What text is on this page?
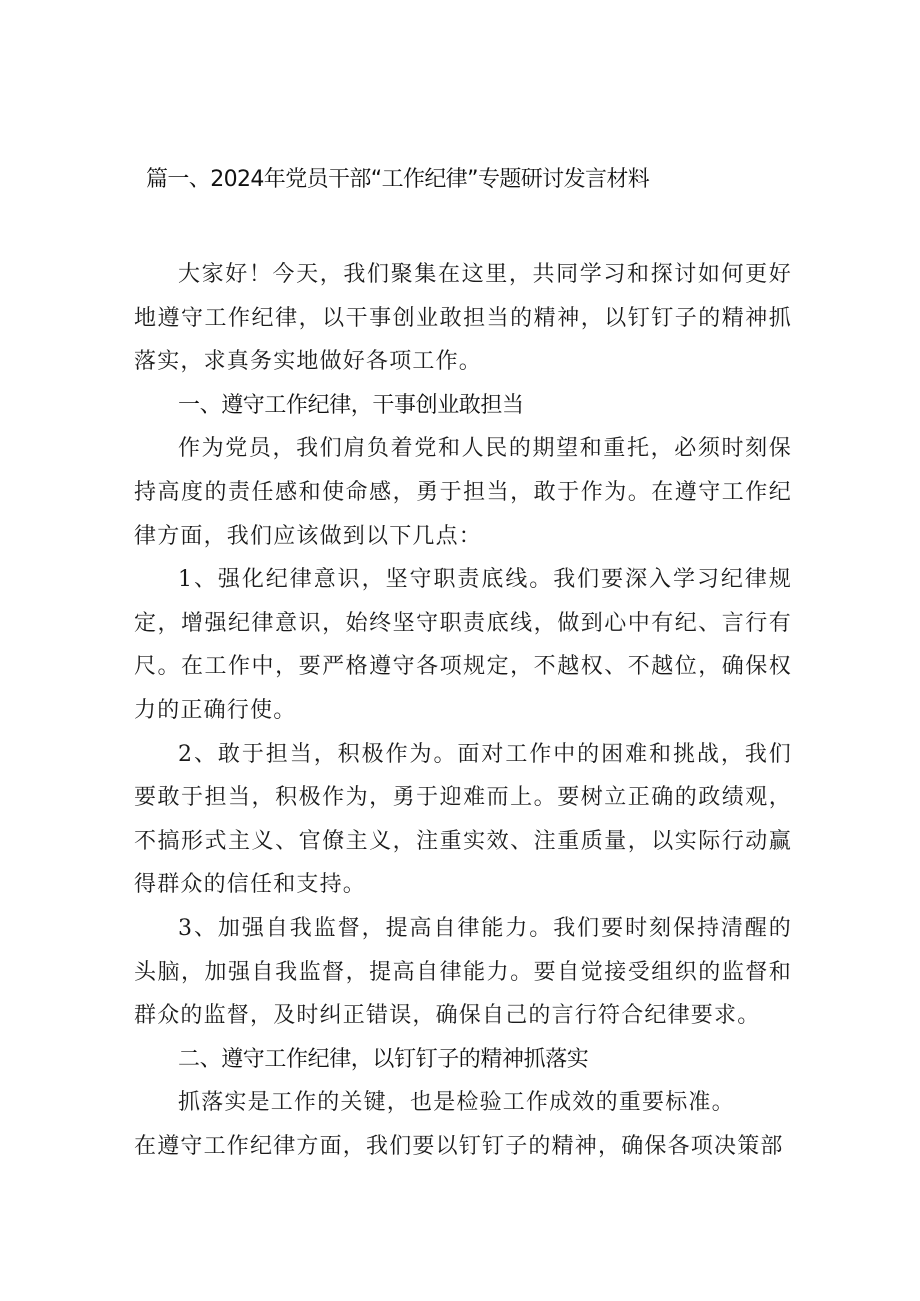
篇一、2024年党员干部“工作纪律”专题研讨发言材料

大家好！今天，我们聚集在这里，共同学习和探讨如何更好地遵守工作纪律，以干事创业敢担当的精神，以钉钉子的精神抓落实，求真务实地做好各项工作。

一、遵守工作纪律，干事创业敢担当

作为党员，我们肩负着党和人民的期望和重托，必须时刻保持高度的责任感和使命感，勇于担当，敢于作为。在遵守工作纪律方面，我们应该做到以下几点：

1、强化纪律意识，坚守职责底线。我们要深入学习纪律规定，增强纪律意识，始终坚守职责底线，做到心中有纪、言行有尺。在工作中，要严格遵守各项规定，不越权、不越位，确保权力的正确行使。

2、敢于担当，积极作为。面对工作中的困难和挑战，我们要敢于担当，积极作为，勇于迎难而上。要树立正确的政绩观，不搞形式主义、官僚主义，注重实效、注重质量，以实际行动赢得群众的信任和支持。

3、加强自我监督，提高自律能力。我们要时刻保持清醒的头脑，加强自我监督，提高自律能力。要自觉接受组织的监督和群众的监督，及时纠正错误，确保自己的言行符合纪律要求。

二、遵守工作纪律，以钉钉子的精神抓落实

抓落实是工作的关键，也是检验工作成效的重要标准。

在遵守工作纪律方面，我们要以钉钉子的精神，确保各项决策部
